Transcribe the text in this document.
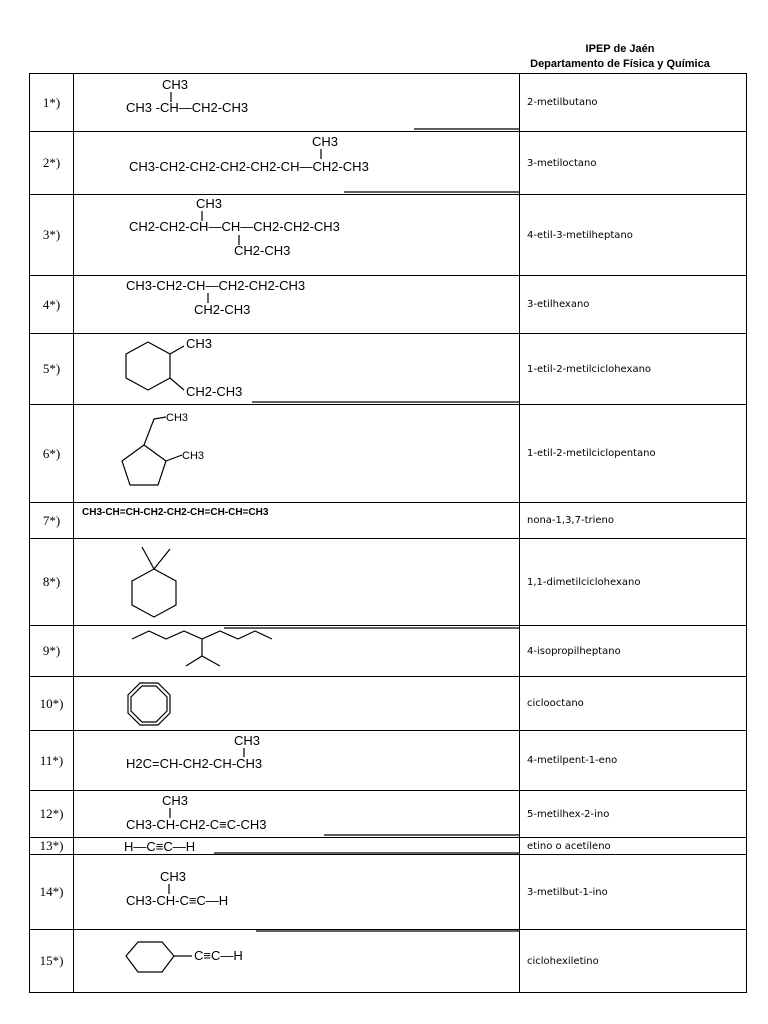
IPEP de Jaén
Departamento de Física y Química
1*)	CH3
CH3 -CH—CH2-CH3	2-metilbutano
2*)	CH3
CH3-CH2-CH2-CH2-CH2-CH—CH2-CH3	3-metiloctano
3*)	CH3
CH2-CH2-CH—CH—CH2-CH2-CH3
CH2-CH3	4-etil-3-metilheptano
4*)	CH3-CH2-CH—CH2-CH2-CH3
CH2-CH3	3-etilhexano
5*)	CH3
CH2-CH3	1-etil-2-metilciclohexano
6*)	CH3
CH3	1-etil-2-metilciclopentano
7*)	CH3-CH=CH-CH2-CH2-CH=CH-CH=CH3	nona-1,3,7-trieno
8*)		1,1-dimetilciclohexano
9*)		4-isopropilheptano
10*)		ciclooctano
11*)	CH3
H2C=CH-CH2-CH-CH3	4-metilpent-1-eno
12*)	CH3
CH3-CH-CH2-C≡C-CH3	5-metilhex-2-ino
13*)	H—C≡C—H	etino o acetileno
14*)	CH3
CH3-CH-C≡C—H	3-metilbut-1-ino
15*)	C≡C—H	ciclohexiletino
